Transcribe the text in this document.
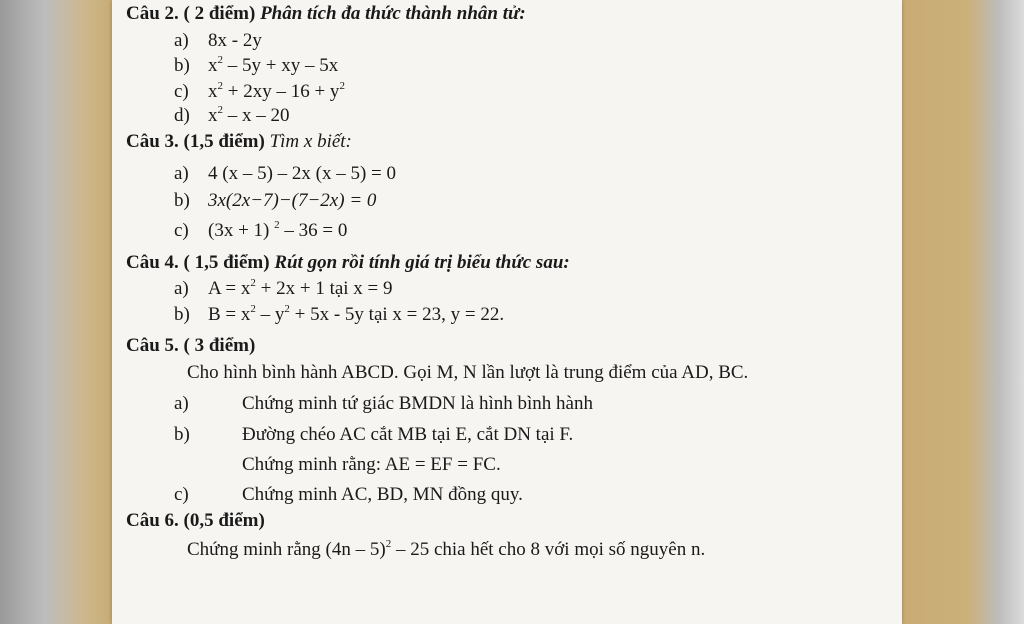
Câu 2. ( 2 điểm) Phân tích đa thức thành nhân tử:
a) 8x - 2y
b) $x^2 - 5y$ + xy – 5x
c) $x^2 + 2xy - 16 + y^2$
d) $x^2$ – x – 20
Câu 3. (1,5 điểm) Tìm x biết:
a) 4 (x – 5) – 2x (x – 5) = 0
b) 3x(2x−7)−(7−2x) = 0
c) (3x + 1) $^2$ – 36 = 0
Câu 4. ( 1,5 điểm) Rút gọn rồi tính giá trị biểu thức sau:
a) $A = x^2 + 2x + 1$ tại x = 9
b) $B = x^2 - y^2 + 5x - 5y$ tại x = 23, y = 22.
Câu 5. ( 3 điểm)
Cho hình bình hành ABCD. Gọi M, N lần lượt là trung điểm của AD, BC.
a)	Chứng minh tứ giác BMDN là hình bình hành
b)	Đường chéo AC cắt MB tại E, cắt DN tại F.
Chứng minh rằng: AE = EF = FC.
c)	Chứng minh AC, BD, MN đồng quy.
Câu 6. (0,5 điểm)
Chứng minh rằng (4n – 5)$^2$ – 25 chia hết cho 8 với mọi số nguyên n.
